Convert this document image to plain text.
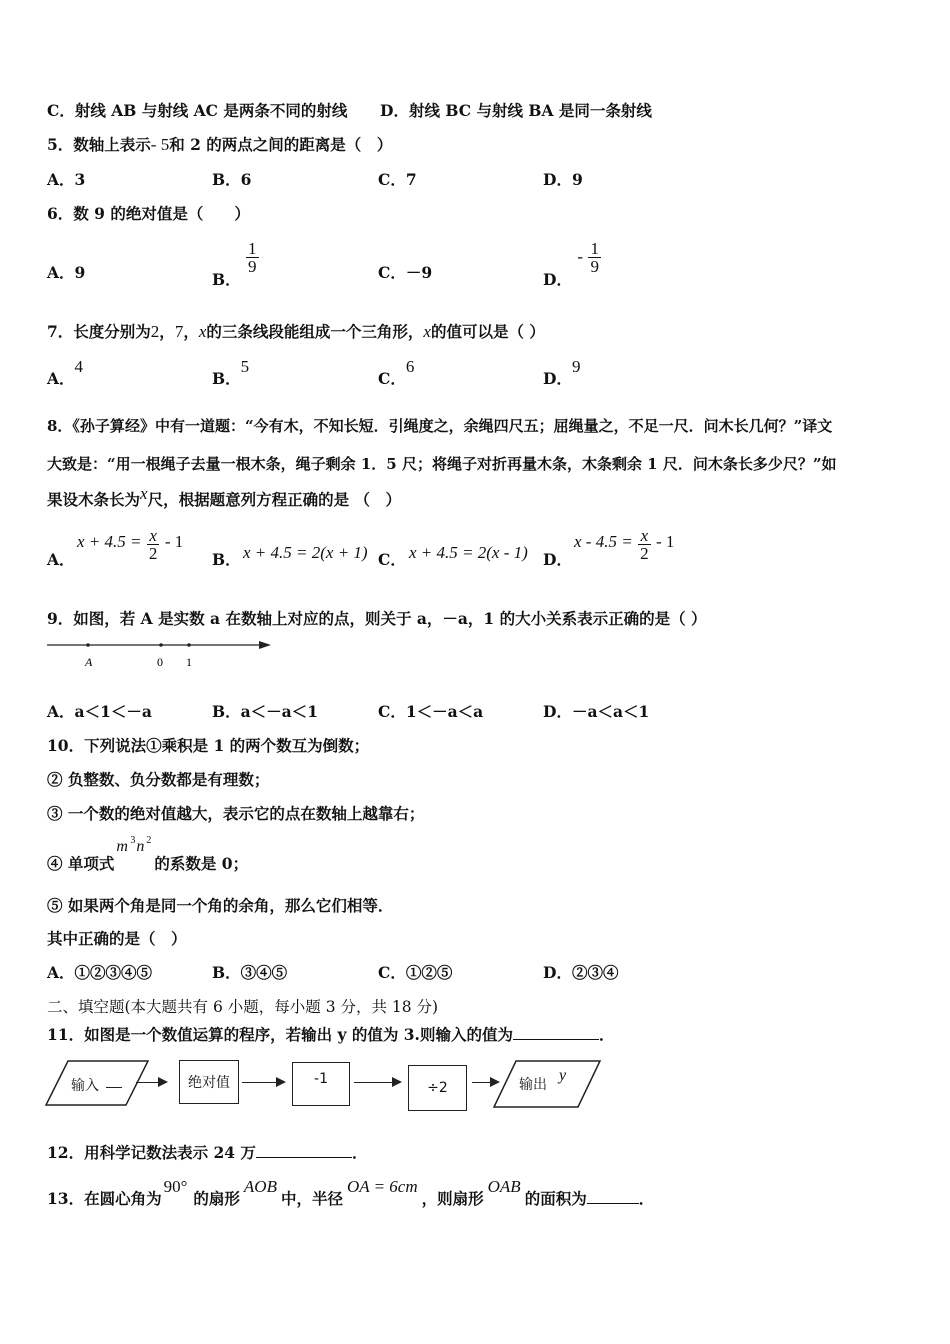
C．射线 AB 与射线 AC 是两条不同的射线 D．射线 BC 与射线 BA 是同一条射线
5．数轴上表示- 5和 2 的两点之间的距离是（　）
A．3	B．6	C．7	D．9
6．数 9 的绝对值是（　　）
A．9	B．
$\frac{1}{9}$	C．－9	D． - $\frac{1}{9}$
7．长度分别为2，7，x的三条线段能组成一个三角形，x的值可以是（ ）
A．4
B．5
C．6
D．9
8．《孙子算经》中有一道题：“今有木，不知长短．引绳度之，余绳四尺五；屈绳量之，不足一尺．问木长几何？”译文
大致是：“用一根绳子去量一根木条，绳子剩余 1．5 尺；将绳子对折再量木条，木条剩余 1 尺．问木条长多少尺？”如
果设木条长为x尺，根据题意列方程正确的是 （　）
A．
$x + 4.5 = \frac{x}{2} - 1$
B． x + 4.5 = 2(x + 1) C． x + 4.5 = 2(x - 1) D．
$x - 4.5 = \frac{x}{2} - 1$
9．如图，若 A 是实数 a 在数轴上对应的点，则关于 a，－a，1 的大小关系表示正确的是（ ）
A	0 1
A．a＜1＜－a	B．a＜－a＜1	C．1＜－a＜a	D．－a＜a＜1
10．下列说法①乘积是 1 的两个数互为倒数；
② 负整数、负分数都是有理数；
③ 一个数的绝对值越大，表示它的点在数轴上越靠右；
④ 单项式
m 3 n 2
的系数是 0；
⑤ 如果两个角是同一个角的余角，那么它们相等．
其中正确的是（　）
A．①②③④⑤	B．③④⑤	C．①②⑤	D．②③④
二、填空题(本大题共有 6 小题，每小题 3 分，共 18 分)
11．如图是一个数值运算的程序，若输出 y 的值为 3.则输入的值为	．
输入	绝对值	-1
÷2	输出
y
12．用科学记数法表示 24 万	．
13．在圆心角为90°的扇形AOB中，半径OA = 6cm，则扇形OAB的面积为	．
